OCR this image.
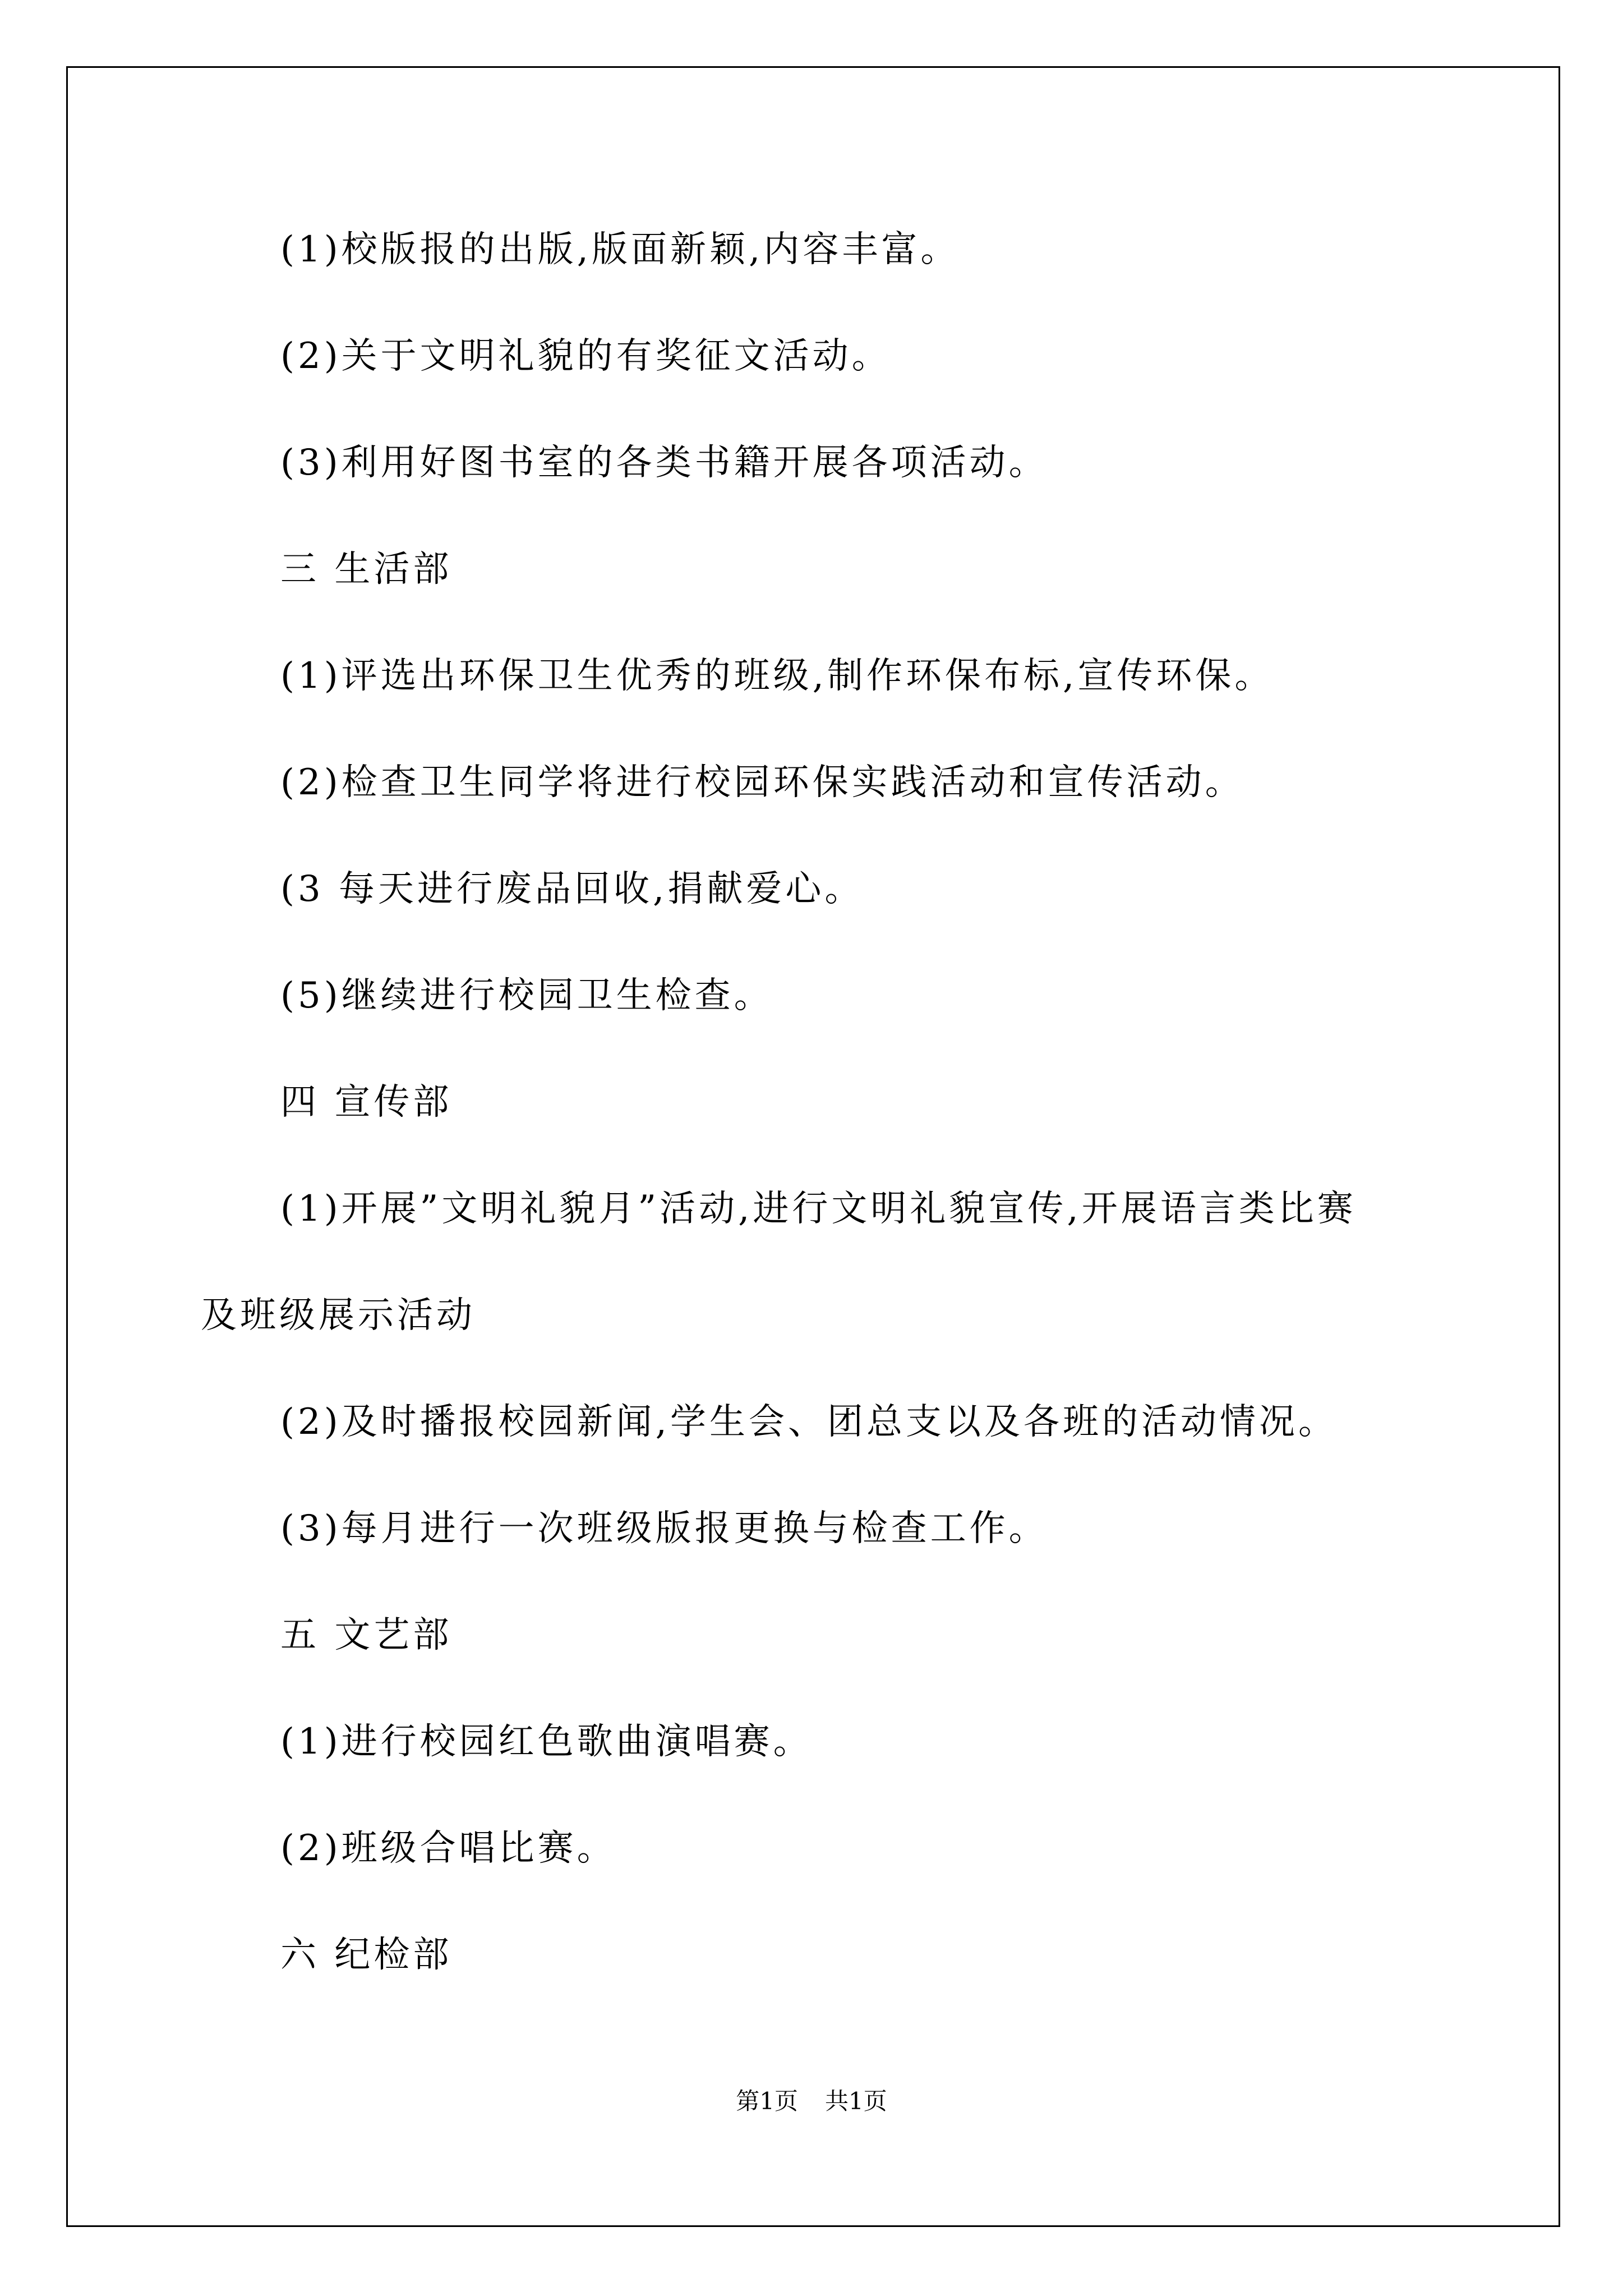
(1)校版报的出版,版面新颖,内容丰富。
(2)关于文明礼貌的有奖征文活动。
(3)利用好图书室的各类书籍开展各项活动。
三 生活部
(1)评选出环保卫生优秀的班级,制作环保布标,宣传环保。
(2)检查卫生同学将进行校园环保实践活动和宣传活动。
(3 每天进行废品回收,捐献爱心。
(5)继续进行校园卫生检查。
四 宣传部
(1)开展”文明礼貌月”活动,进行文明礼貌宣传,开展语言类比赛
及班级展示活动
(2)及时播报校园新闻,学生会、团总支以及各班的活动情况。
(3)每月进行一次班级版报更换与检查工作。
五 文艺部
(1)进行校园红色歌曲演唱赛。
(2)班级合唱比赛。
六 纪检部
第1页 共1页
